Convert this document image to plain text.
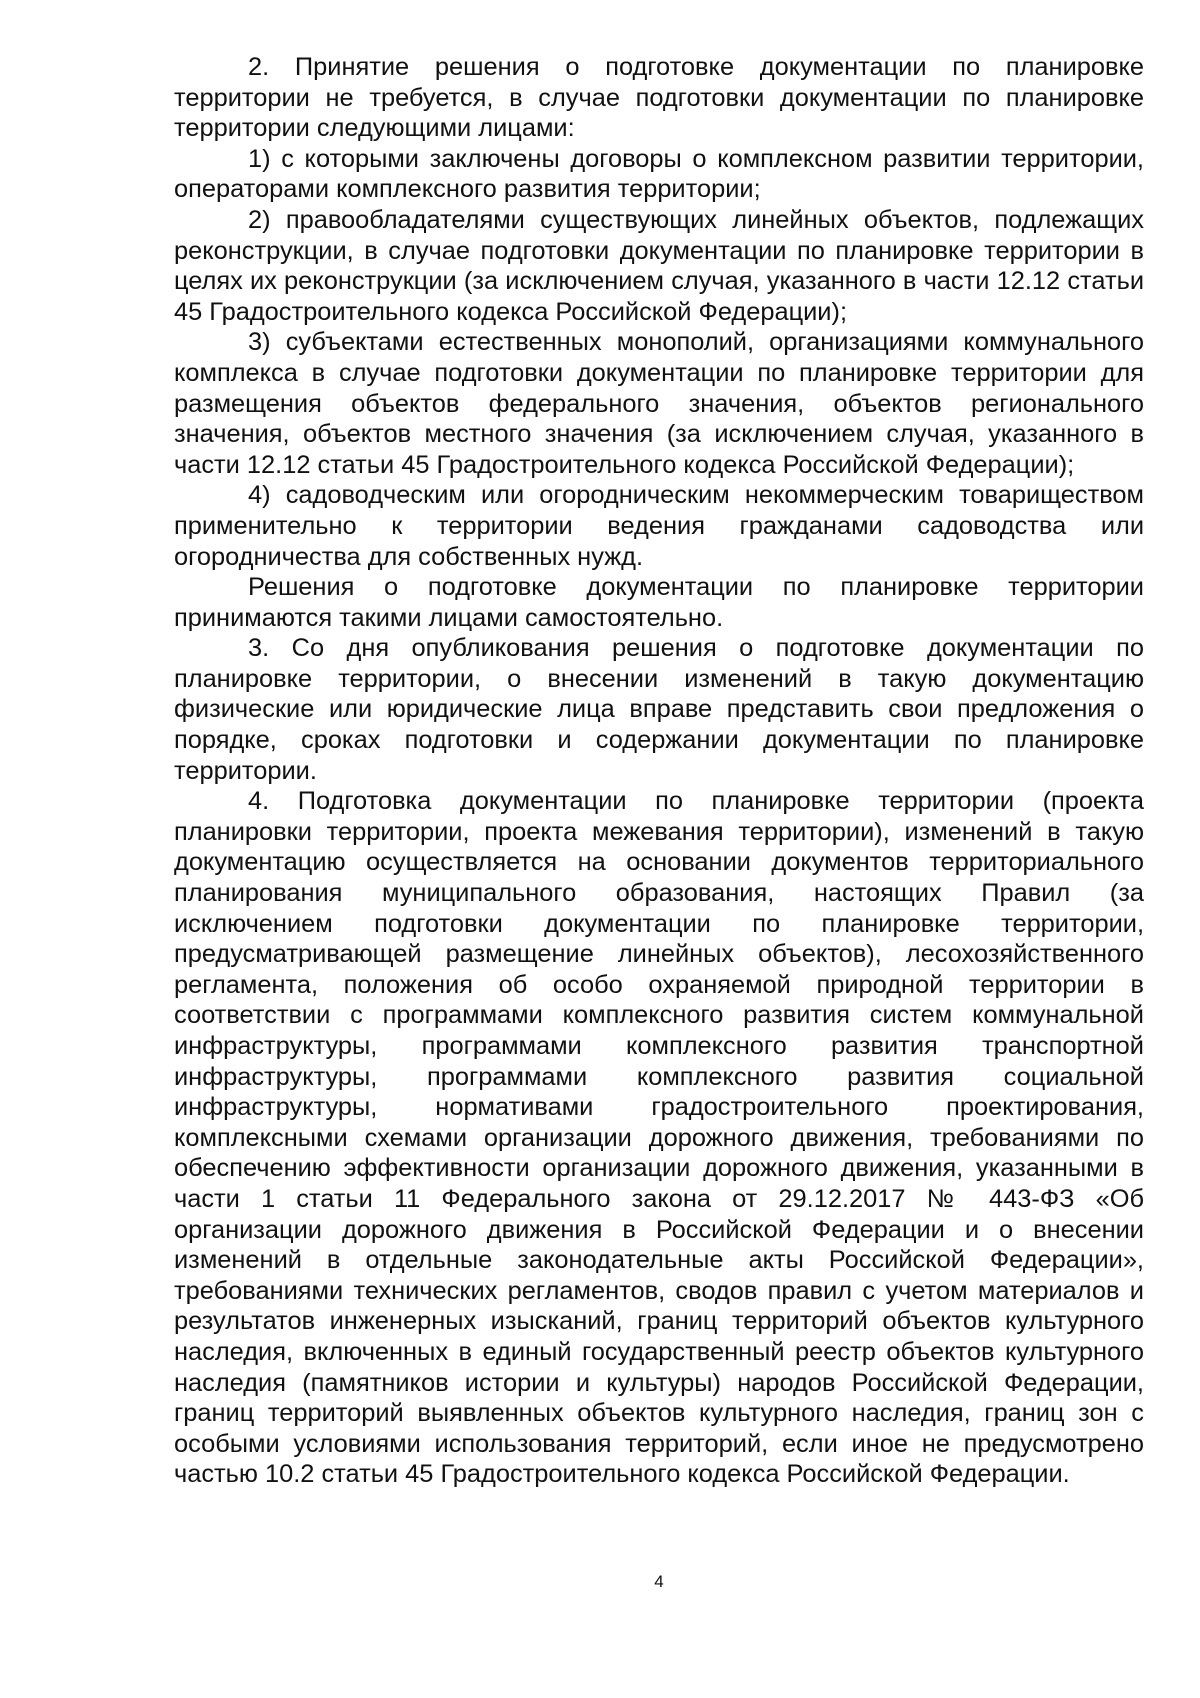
2. Принятие решения о подготовке документации по планировке территории не требуется, в случае подготовки документации по планировке территории следующими лицами:

1) с которыми заключены договоры о комплексном развитии территории, операторами комплексного развития территории;

2) правообладателями существующих линейных объектов, подлежащих реконструкции, в случае подготовки документации по планировке территории в целях их реконструкции (за исключением случая, указанного в части 12.12 статьи 45 Градостроительного кодекса Российской Федерации);

3) субъектами естественных монополий, организациями коммунального комплекса в случае подготовки документации по планировке территории для размещения объектов федерального значения, объектов регионального значения, объектов местного значения (за исключением случая, указанного в части 12.12 статьи 45 Градостроительного кодекса Российской Федерации);

4) садоводческим или огородническим некоммерческим товариществом применительно к территории ведения гражданами садоводства или огородничества для собственных нужд.

Решения о подготовке документации по планировке территории принимаются такими лицами самостоятельно.

3. Со дня опубликования решения о подготовке документации по планировке территории, о внесении изменений в такую документацию физические или юридические лица вправе представить свои предложения о порядке, сроках подготовки и содержании документации по планировке территории.

4. Подготовка документации по планировке территории (проекта планировки территории, проекта межевания территории), изменений в такую документацию осуществляется на основании документов территориального планирования муниципального образования, настоящих Правил (за исключением подготовки документации по планировке территории, предусматривающей размещение линейных объектов), лесохозяйственного регламента, положения об особо охраняемой природной территории в соответствии с программами комплексного развития систем коммунальной инфраструктуры, программами комплексного развития транспортной инфраструктуры, программами комплексного развития социальной инфраструктуры, нормативами градостроительного проектирования, комплексными схемами организации дорожного движения, требованиями по обеспечению эффективности организации дорожного движения, указанными в части 1 статьи 11 Федерального закона от 29.12.2017 № 443-ФЗ «Об организации дорожного движения в Российской Федерации и о внесении изменений в отдельные законодательные акты Российской Федерации», требованиями технических регламентов, сводов правил с учетом материалов и результатов инженерных изысканий, границ территорий объектов культурного наследия, включенных в единый государственный реестр объектов культурного наследия (памятников истории и культуры) народов Российской Федерации, границ территорий выявленных объектов культурного наследия, границ зон с особыми условиями использования территорий, если иное не предусмотрено частью 10.2 статьи 45 Градостроительного кодекса Российской Федерации.

4
